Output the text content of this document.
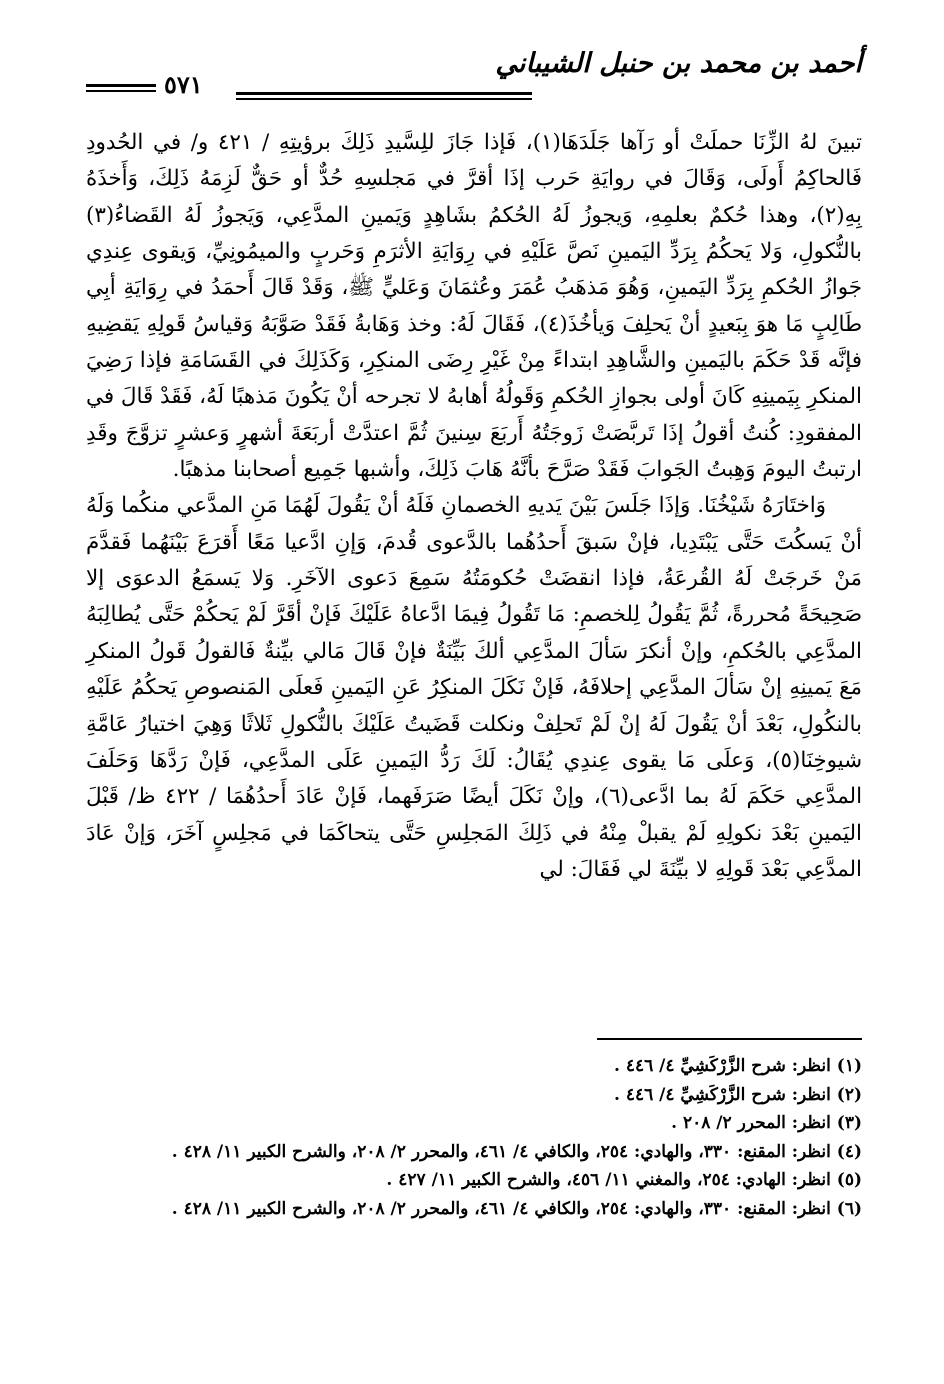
أحمد بن محمد بن حنبل الشيباني
٥٧١

تبينَ لهُ الزِّنَا حملَتْ أو رَآها جَلَدَهَا(١)، فَإذا جَازَ للِسَّيدِ ذَلِكَ برؤيتِهِ / ٤٢١ و/ في الحُدودِ فَالحاكِمُ أَولَى، وَقَالَ في روايَةِ حَرب إذَا أقرَّ في مَجلسِهِ حُدٌّ أو حَقٌّ لَزِمَهُ ذَلِكَ، وَأَخذَهُ بِهِ(٢)، وهذا حُكمٌ بعلمِهِ، وَيجوزُ لَهُ الحُكمُ بشَاهِدٍ وَيَمينِ المدَّعِي، وَيَجوزُ لَهُ القَضاءُ(٣) بالنُّكولِ، وَلا يَحكُمُ بِرَدِّ اليَمينِ نَصَّ عَلَيْهِ في رِوَايَةِ الأثرَمِ وَحَربٍ والميمُونِيِّ، وَيقوى عِندِي جَوازُ الحُكمِ بِرَدِّ اليَمينِ، وَهُوَ مَذهَبُ عُمَرَ وعُثمَانَ وَعَليٍّ ﷺ، وَقَدْ قَالَ أَحمَدُ في رِوَايَةِ أبِي طَالِبٍ مَا هوَ بِبَعيدٍ أنْ يَحلِفَ وَيأخُذَ(٤)، فَقَالَ لَهُ: وخذ وَهَابةُ فَقَدْ صَوَّبَهُ وَقياسُ قَولِهِ يَقضِيهِ فإنَّه قَدْ حَكَمَ باليَمينِ والشَّاهِدِ ابتداءً مِنْ غَيْرِ رِضَى المنكِرِ، وَكَذَلِكَ في القَسَامَةِ فإذا رَضِيَ المنكرِ بِيَمينِهِ كَانَ أولى بجوازِ الحُكمِ وَقَولُهُ أهابهُ لا تجرحه أنْ يَكُونَ مَذهبًا لَهُ، فَقَدْ قَالَ في المفقودِ: كُنتُ أقولُ إذَا تَربَّصَتْ زَوجَتُهُ أَربَعَ سِنينَ ثُمَّ اعتدَّتْ أربَعَةَ أشهرٍ وَعشرٍ تزوَّجَ وقَدِ ارتبتُ اليومَ وَهِبتُ الجَوابَ فَقَدْ صَرَّحَ بأنَّهُ هَابَ ذَلِكَ، وأشبها جَمِيع أصحابنا مذهبًا.

وَاختَارَهُ شَيْخُنَا. وَإذَا جَلَسَ بَيْنَ يَديهِ الخصمانِ فَلَهُ أنْ يَقُولَ لَهُمَا مَنِ المدَّعي منكُما وَلَهُ أنْ يَسكُتَ حَتَّى يَبْتَدِيا، فإنْ سَبقَ أَحدُهُما بالدَّعوى قُدمَ، وَإنِ ادَّعيا مَعًا أَقرَعَ بَيْنَهُما فَقدَّمَ مَنْ خَرجَتْ لَهُ القُرعَةُ، فإذا انقضَتْ حُكومَتُهُ سَمِعَ دَعوى الآخَرِ. وَلا يَسمَعُ الدعوَى إلا صَحِيحَةً مُحررةً، ثُمَّ يَقُولُ لِلخصمِ: مَا تَقُولُ فِيمَا ادَّعاهُ عَلَيْكَ فَإنْ أقَرَّ لَمْ يَحكُمْ حَتَّى يُطالِبَهُ المدَّعِي بالحُكمِ، وإنْ أنكرَ سَألَ المدَّعِي ألكَ بَيِّنَةٌ فإنْ قَالَ مَالي بيِّنةٌ فَالقولُ قَولُ المنكرِ مَعَ يَمينِهِ إنْ سَألَ المدَّعِي إحلافَهُ، فَإنْ نَكَلَ المنكِرُ عَنِ اليَمينِ فَعلَى المَنصوصِ يَحكُمُ عَلَيْهِ بالنكُولِ، بَعْدَ أنْ يَقُولَ لَهُ إنْ لَمْ تَحلِفْ ونكلت قَضَيتُ عَلَيْكَ بالنُّكولِ ثَلاثًا وَهِيَ اختيارُ عَامَّةِ شيوخِنَا(٥)، وَعلَى مَا يقوى عِندِي يُقَالُ: لَكَ رَدُّ اليَمينِ عَلَى المدَّعِي، فَإنْ رَدَّهَا وَحَلَفَ المدَّعِي حَكَمَ لَهُ بما ادَّعى(٦)، وإنْ نَكَلَ أيضًا صَرَفَهما، فَإنْ عَادَ أَحدُهُمَا / ٤٢٢ ظ/ قَبْلَ اليَمينِ بَعْدَ نكولِهِ لَمْ يقبلْ مِنْهُ في ذَلِكَ المَجلِسِ حَتَّى يتحاكَمَا في مَجلِسٍ آخَرَ، وَإنْ عَادَ المدَّعِي بَعْدَ قَولِهِ لا بيِّنَةَ لي فَقَالَ: لي

(١) انظر: شرح الزَّرْكَشِيِّ ٤/ ٤٤٦ .

(٢) انظر: شرح الزَّرْكَشِيِّ ٤/ ٤٤٦ .

(٣) انظر: المحرر ٢/ ٢٠٨ .

(٤) انظر: المقنع: ٣٣٠، والهادي: ٢٥٤، والكافي ٤/ ٤٦١، والمحرر ٢/ ٢٠٨، والشرح الكبير ١١/ ٤٢٨ .

(٥) انظر: الهادي: ٢٥٤، والمغني ١١/ ٤٥٦، والشرح الكبير ١١/ ٤٢٧ .

(٦) انظر: المقنع: ٣٣٠، والهادي: ٢٥٤، والكافي ٤/ ٤٦١، والمحرر ٢/ ٢٠٨، والشرح الكبير ١١/ ٤٢٨ .
